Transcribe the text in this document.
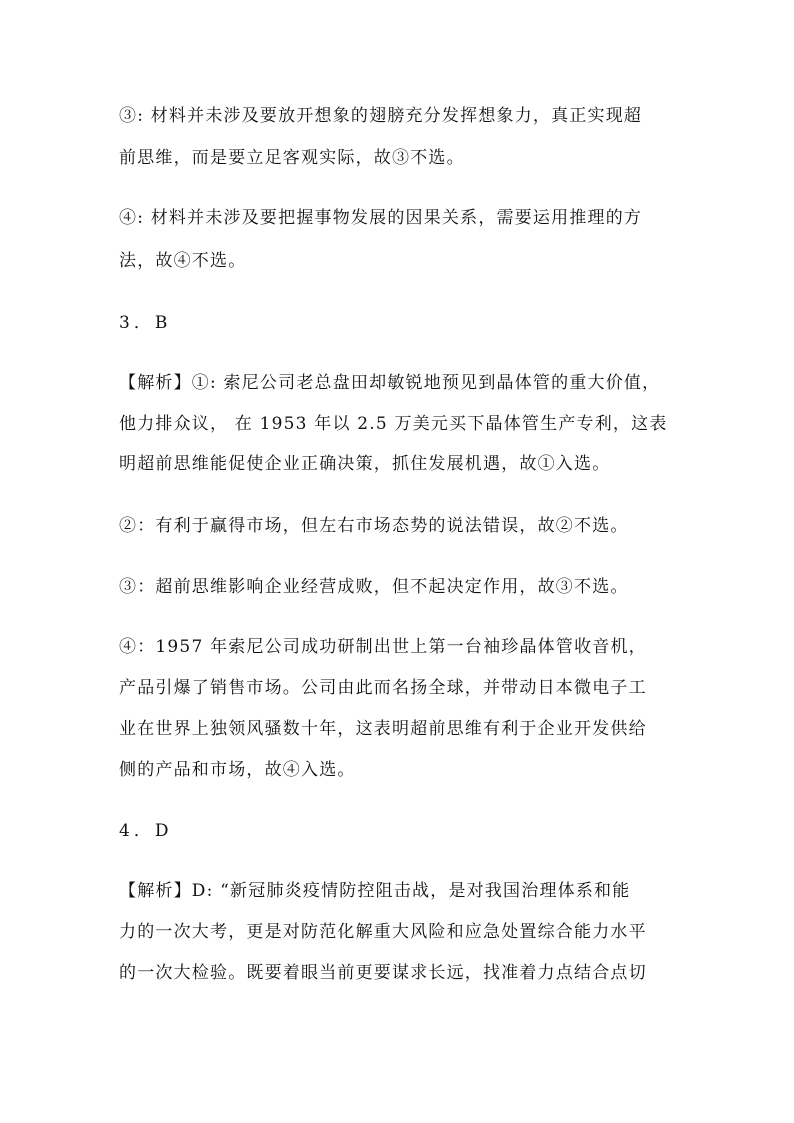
③: 材料并未涉及要放开想象的翅膀充分发挥想象力，真正实现超
前思维，而是要立足客观实际，故③不选。
④: 材料并未涉及要把握事物发展的因果关系，需要运用推理的方
法，故④不选。
3．B
【解析】①: 索尼公司老总盘田却敏锐地预见到晶体管的重大价值，
他力排众议， 在 1953 年以 2.5 万美元买下晶体管生产专利，这表
明超前思维能促使企业正确决策，抓住发展机遇，故①入选。
②：有利于赢得市场，但左右市场态势的说法错误，故②不选。
③：超前思维影响企业经营成败，但不起决定作用，故③不选。
④：1957 年索尼公司成功研制出世上第一台袖珍晶体管收音机，
产品引爆了销售市场。公司由此而名扬全球，并带动日本微电子工
业在世界上独领风骚数十年，这表明超前思维有利于企业开发供给
侧的产品和市场，故④入选。
4．D
【解析】D: “新冠肺炎疫情防控阻击战，是对我国治理体系和能
力的一次大考，更是对防范化解重大风险和应急处置综合能力水平
的一次大检验。既要着眼当前更要谋求长远，找准着力点结合点切
